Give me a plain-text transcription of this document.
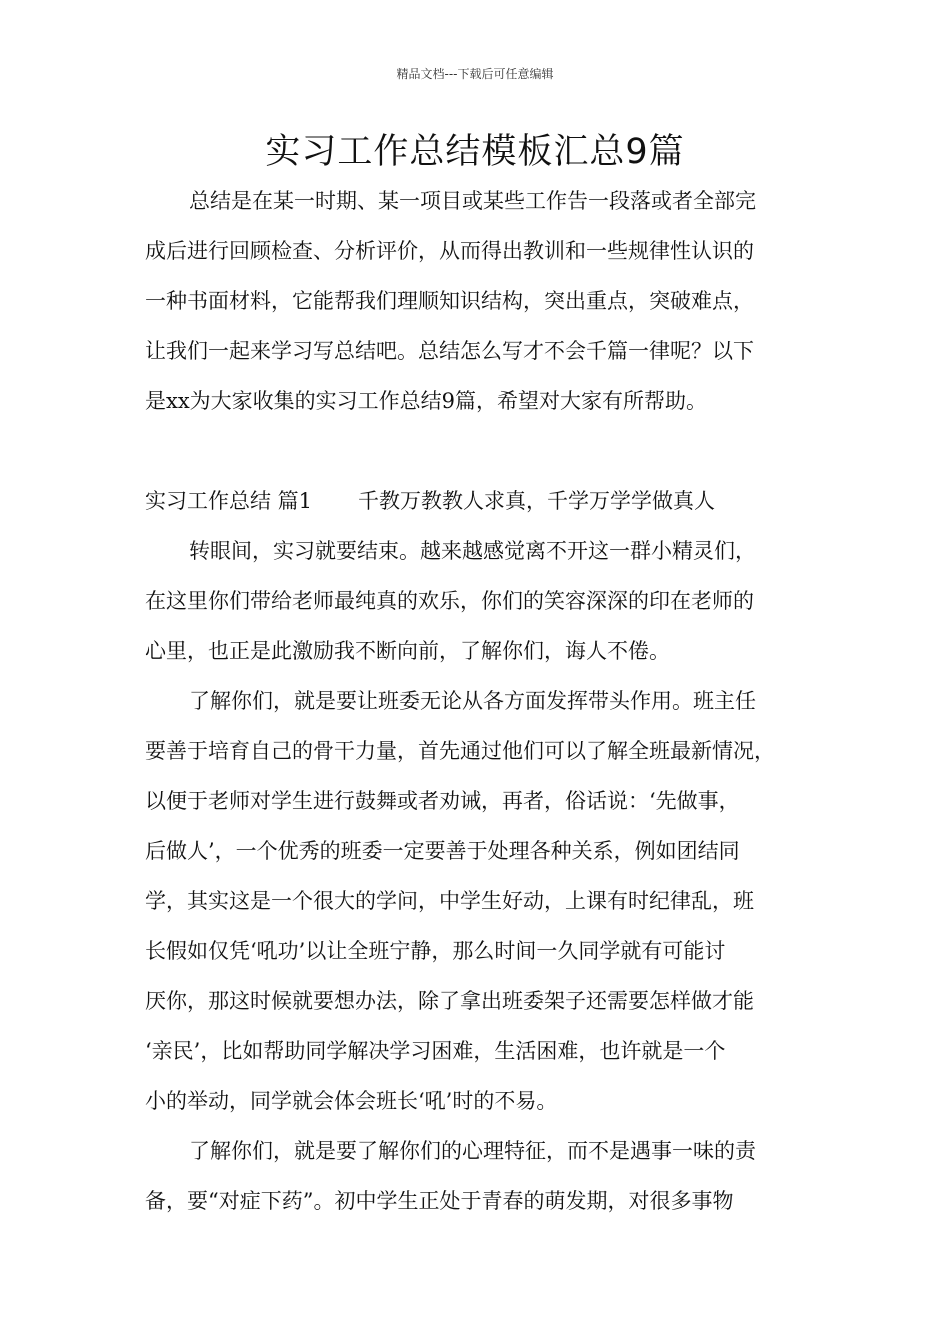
精品文档---下载后可任意编辑
实习工作总结模板汇总9篇
总结是在某一时期、某一项目或某些工作告一段落或者全部完
成后进行回顾检查、分析评价，从而得出教训和一些规律性认识的
一种书面材料，它能帮我们理顺知识结构，突出重点，突破难点，
让我们一起来学习写总结吧。总结怎么写才不会千篇一律呢？以下
是xx为大家收集的实习工作总结9篇，希望对大家有所帮助。
实习工作总结 篇1 千教万教教人求真，千学万学学做真人
转眼间，实习就要结束。越来越感觉离不开这一群小精灵们，
在这里你们带给老师最纯真的欢乐，你们的笑容深深的印在老师的
心里，也正是此激励我不断向前，了解你们，诲人不倦。
了解你们，就是要让班委无论从各方面发挥带头作用。班主任
要善于培育自己的骨干力量，首先通过他们可以了解全班最新情况，
以便于老师对学生进行鼓舞或者劝诫，再者，俗话说：‘先做事，
后做人’，一个优秀的班委一定要善于处理各种关系，例如团结同
学，其实这是一个很大的学问，中学生好动，上课有时纪律乱，班
长假如仅凭‘吼功’以让全班宁静，那么时间一久同学就有可能讨
厌你，那这时候就要想办法，除了拿出班委架子还需要怎样做才能
‘亲民’，比如帮助同学解决学习困难，生活困难，也许就是一个
小的举动，同学就会体会班长‘吼’时的不易。
了解你们，就是要了解你们的心理特征，而不是遇事一味的责
备，要“对症下药”。初中学生正处于青春的萌发期，对很多事物
